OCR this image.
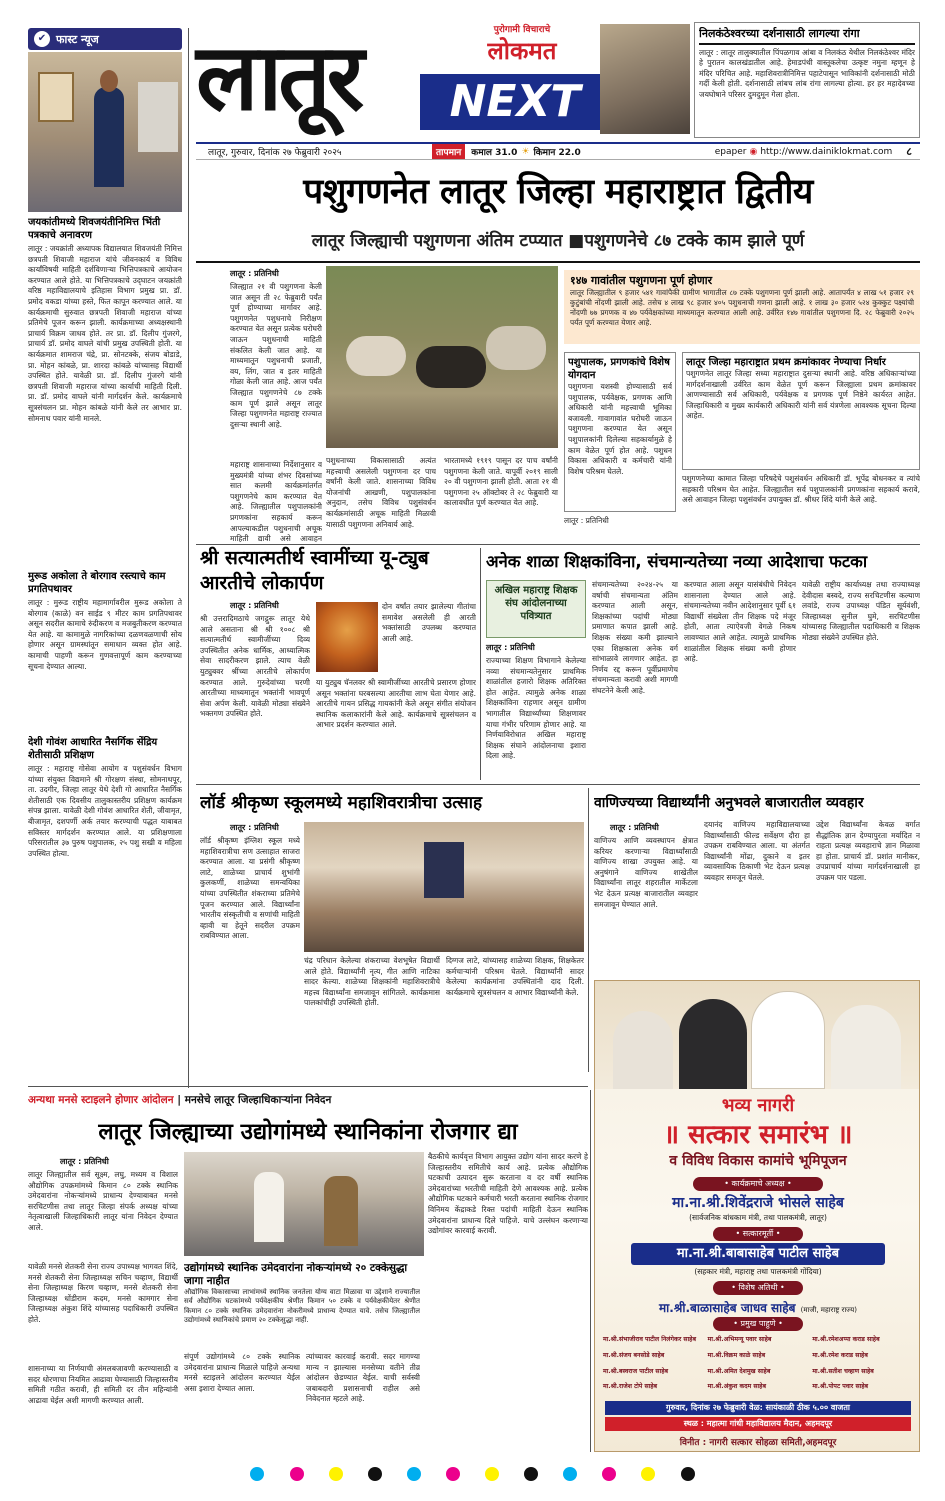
✔ फास्ट न्यूज
जयकांतीमध्ये शिवजयंतीनिमित्त भिंती पत्रकाचे अनावरण
लातूर : जयक्रांती अध्यापक विद्यालयात शिवजयंती निमित्त छत्रपती शिवाजी महाराज यांचे जीवनकार्य व विविध कार्यांविषयी माहिती दर्शविणाऱ्या भित्तिपत्रकाचे आयोजन करण्यात आले होते. या भित्तिपत्रकाचे उद्‌घाटन जयक्रांती वरिष्ठ महाविद्यालयाचे इतिहास विभाग प्रमुख प्रा. डॉ. प्रमोद वकडा यांच्या हस्ते, फित कापून करण्यात आले. या कार्यक्रमाची सुरुवात छत्रपती शिवाजी महाराज यांच्या प्रतिमेचे पूजन करून झाली. कार्यक्रमाच्या अध्यक्षस्थानी प्राचार्य विक्रम जाधव होते. तर प्रा. डॉ. दिलीप गुंजरगे, प्राचार्य डॉ. प्रमोद वाघले यांची प्रमुख उपस्थिती होती. या कार्यक्रमात शामराज चंद्रे, प्रा. सोनटक्के, संजय बोडाडे, प्रा. मोहन कांबळे, प्रा. शारदा कांबळे यांच्यासह विद्यार्थी उपस्थित होते. यावेळी प्रा. डॉ. दिलीप गुंजरगे यांनी छत्रपती शिवाजी महाराज यांच्या कार्याची माहिती दिली. प्रा. डॉ. प्रमोद वाघले यांनी मार्गदर्शन केले. कार्यक्रमाचे सूत्रसंचलन प्रा. मोहन कांबळे यांनी केले तर आभार प्रा. सोमनाथ पवार यांनी मानले.
मुरूड अकोला ते बोरगाव रस्त्याचे काम प्रगतिपथावर
लातूर : मुरूड राष्ट्रीय महामार्गावरील मुरूड अकोला ते बोरगाव (काळे) वन साईड ९ मीटर काम प्रगतिपथावर असून सदरील कामाचे रुंदीकरण व मजबुतीकरण करण्यात येत आहे. या कामामुळे नागरिकांच्या दळणवळणाची सोय होणार असून ग्रामस्थांतून समाधान व्यक्त होत आहे. कामाची पाहणी करून गुणवत्तापूर्ण काम करण्याच्या सूचना देण्यात आल्या.
देशी गोवंश आधारित नैसर्गिक सेंद्रिय शेतीसाठी प्रशिक्षण
लातूर : महाराष्ट्र गोसेवा आयोग व पशुसंवर्धन विभाग यांच्या संयुक्त विद्यमाने श्री गोरक्षण संस्था, सोमनाथपूर, ता. उदगीर, जिल्हा लातूर येथे देशी गो आधारित नैसर्गिक शेतीसाठी एक दिवसीय तालुकास्तरीय प्रशिक्षण कार्यक्रम संपन्न झाला. यावेळी देशी गोवंश आधारित शेती, जीवामृत, बीजामृत, दशपर्णी अर्क तयार करण्याची पद्धत याबाबत सविस्तर मार्गदर्शन करण्यात आले. या प्रशिक्षणाला परिसरातील ३७ पुरुष पशुपालक, २५ पशु सखी व महिला उपस्थित होत्या.
लातूर	पुरोगामी विचाराचे
लोकमत
NEXT
निलकंठेश्वरच्या दर्शनासाठी लागल्या रांगा
लातूर : लातूर तालुक्यातील पिंपळगाव आंबा व निलकंठ येथील निलकंठेश्वर मंदिर हे पुरातन कालखंडातील आहे. हेमाडपंथी वास्तूकलेचा उत्कृष्ट नमुना म्हणून हे मंदिर परिचित आहे. महाशिवरात्रीनिमित्त पहाटेपासून भाविकांनी दर्शनासाठी मोठी गर्दी केली होती. दर्शनासाठी लांबच लांब रांगा लागल्या होत्या. हर हर महादेवच्या जयघोषाने परिसर दुमदुमून गेला होता.
लातूर, गुरुवार, दिनांक २७ फेब्रुवारी २०२५	तापमान	कमाल 31.0 ☀ किमान 22.0	epaper ◉ http://www.dainiklokmat.com ८
पशुगणनेत लातूर जिल्हा महाराष्ट्रात द्वितीय
लातूर जिल्ह्याची पशुगणना अंतिम टप्प्यात ■पशुगणनेचे ८७ टक्के काम झाले पूर्ण
लातूर : प्रतिनिधी
जिल्ह्यात २१ वी पशुगणना केली जात असून ती २८ फेब्रुवारी पर्यंत पूर्ण होण्याच्या मार्गावर आहे. पशुगणनेत पशुधनाचे निरीक्षण करण्यात येत असून प्रत्येक घरोघरी जाऊन पशुधनाची माहिती संकलित केली जात आहे. या माध्यमातून पशुधनाची प्रजाती, वय, लिंग, जात व इतर माहिती गोळा केली जात आहे. आज पर्यंत जिल्ह्यात पशुगणनेचे ८७ टक्के काम पूर्ण झाले असून लातूर जिल्हा पशुगणनेत महाराष्ट्र राज्यात दुसऱ्या स्थानी आहे.
महाराष्ट्र शासनाच्या निर्देशानुसार व मुख्यमंत्री यांच्या शंभर दिवसांच्या सात कलमी कार्यक्रमांतर्गत पशुगणनेचे काम करण्यात येत आहे. जिल्ह्यातील पशुपालकांनी प्रगणकांना सहकार्य करून आपल्याकडील पशुधनाची अचूक माहिती द्यावी असे आवाहन
पशुधनाच्या विकासासाठी अत्यंत महत्त्वाची असलेली पशुगणना दर पाच वर्षांनी केली जाते. शासनाच्या विविध योजनांची आखणी, पशुपालकांना अनुदान, तसेच विविध पशुसंवर्धन कार्यक्रमांसाठी अचूक माहिती मिळावी यासाठी पशुगणना अनिवार्य आहे.
भारतामध्ये १९१९ पासून दर पाच वर्षांनी पशुगणना केली जाते. यापूर्वी २०१९ साली २० वी पशुगणना झाली होती. आता २१ वी पशुगणना २५ ऑक्टोबर ते २८ फेब्रुवारी या कालावधीत पूर्ण करण्यात येत आहे.
१४७ गावांतील पशुगणना पूर्ण होणार
लातूर जिल्ह्यातील ९ हजार ५४१ गावांपैकी ग्रामीण भागातील ८७ टक्के पशुगणना पूर्ण झाली आहे. आतापर्यंत ४ लाख ५१ हजार २९ कुटुंबांची नोंदणी झाली आहे. तसेच ४ लाख ९८ हजार ४०५ पशुधनाची गणना झाली आहे. १ लाख ३० हजार ५२४ कुक्कुट पक्ष्यांची नोंदणी ७७ प्रगणक व ४७ पर्यवेक्षकांच्या माध्यमातून करण्यात आली आहे. उर्वरित १४७ गावांतील पशुगणना दि. २८ फेब्रुवारी २०२५ पर्यंत पूर्ण करण्यात येणार आहे.
पशुपालक, प्रगणकांचे विशेष योगदान
पशुगणना यशस्वी होण्यासाठी सर्व पशुपालक, पर्यवेक्षक, प्रगणक आणि अधिकारी यांनी महत्त्वाची भूमिका बजावली. गावागावांत घरोघरी जाऊन पशुगणना करण्यात येत असून पशुपालकांनी दिलेल्या सहकार्यामुळे हे काम वेळेत पूर्ण होत आहे. पशुधन विकास अधिकारी व कर्मचारी यांनी विशेष परिश्रम घेतले.
लातूर : प्रतिनिधी
लातूर जिल्हा महाराष्ट्रात प्रथम क्रमांकावर नेण्याचा निर्धार
पशुगणनेत लातूर जिल्हा सध्या महाराष्ट्रात दुसऱ्या स्थानी आहे. वरिष्ठ अधिकाऱ्यांच्या मार्गदर्शनाखाली उर्वरित काम वेळेत पूर्ण करून जिल्ह्याला प्रथम क्रमांकावर आणण्यासाठी सर्व अधिकारी, पर्यवेक्षक व प्रगणक पूर्ण निष्ठेने कार्यरत आहेत. जिल्हाधिकारी व मुख्य कार्यकारी अधिकारी यांनी सर्व यंत्रणेला आवश्यक सूचना दिल्या आहेत.
पशुगणनेच्या कामात जिल्हा परिषदेचे पशुसंवर्धन अधिकारी डॉ. भूपेंद्र बोधनकर व त्यांचे सहकारी परिश्रम घेत आहेत. जिल्ह्यातील सर्व पशुपालकांनी प्रगणकांना सहकार्य करावे, असे आवाहन जिल्हा पशुसंवर्धन उपायुक्त डॉ. श्रीधर शिंदे यांनी केले आहे.
श्री सत्यात्मतीर्थ स्वामींच्या यू-ट्युब आरतीचे लोकार्पण
लातूर : प्रतिनिधी
श्री उत्तरादिमठाचे जगद्गुरू लातूर येथे आले असताना श्री श्री १००८ श्री सत्यात्मतीर्थ स्वामीजींच्या दिव्य उपस्थितीत अनेक धार्मिक, आध्यात्मिक सेवा सादरीकरण झाले. त्याच वेळी युट्युबवर श्रींच्या आरतीचे लोकार्पण करण्यात आले. गुरुदेवांच्या चरणी आरतीच्या माध्यमातून भक्तांनी भावपूर्ण सेवा अर्पण केली. यावेळी मोठ्या संख्येने भक्तगण उपस्थित होते.
दोन वर्षांत तयार झालेल्या गीतांचा समावेश असलेली ही आरती भक्तांसाठी उपलब्ध करण्यात आली आहे.
या युट्युब चॅनलवर श्री स्वामीजींच्या आरतीचे प्रसारण होणार असून भक्तांना घरबसल्या आरतीचा लाभ घेता येणार आहे. आरतीचे गायन प्रसिद्ध गायकांनी केले असून संगीत संयोजन स्थानिक कलाकारांनी केले आहे. कार्यक्रमाचे सूत्रसंचलन व आभार प्रदर्शन करण्यात आले.
अनेक शाळा शिक्षकांविना, संचमान्यतेच्या नव्या आदेशाचा फटका
अखिल महाराष्ट्र शिक्षक संघ आंदोलनाच्या पवित्र्यात
लातूर : प्रतिनिधी
राज्याच्या शिक्षण विभागाने केलेल्या नव्या संचमान्यतेनुसार प्राथमिक शाळांतील हजारो शिक्षक अतिरिक्त होत आहेत. त्यामुळे अनेक शाळा शिक्षकांविना राहणार असून ग्रामीण भागातील विद्यार्थ्यांच्या शिक्षणावर याचा गंभीर परिणाम होणार आहे. या निर्णयाविरोधात अखिल महाराष्ट्र शिक्षक संघाने आंदोलनाचा इशारा दिला आहे.
संचमान्यतेच्या २०२४-२५ या वर्षाची संचमान्यता अंतिम करण्यात आली असून, शिक्षकांच्या पदांची मोठ्या प्रमाणात कपात झाली आहे. शिक्षक संख्या कमी झाल्याने एका शिक्षकाला अनेक वर्ग सांभाळावे लागणार आहेत. हा निर्णय रद्द करून पूर्वीप्रमाणेच संचमान्यता करावी अशी मागणी संघटनेने केली आहे.
करण्यात आला असून यासंबंधीचे निवेदन शासनाला देण्यात आले आहे. संचमान्यतेच्या नवीन आदेशानुसार पूर्वी ६१ विद्यार्थी संख्येला तीन शिक्षक पदे मंजूर होती, आता त्याऐवजी वेगळे निकष लावण्यात आले आहेत. त्यामुळे प्राथमिक शाळांतील शिक्षक संख्या कमी होणार आहे.
यावेळी राष्ट्रीय कार्याध्यक्ष तथा राज्याध्यक्ष देवीदास बस्वदे, राज्य सरचिटणीस कल्याण लवांडे, राज्य उपाध्यक्ष पंडित सूर्यवंशी, जिल्हाध्यक्ष सुनील घुमे, सरचिटणीस यांच्यासह जिल्ह्यातील पदाधिकारी व शिक्षक मोठ्या संख्येने उपस्थित होते.
लॉर्ड श्रीकृष्ण स्कूलमध्ये महाशिवरात्रीचा उत्साह
लातूर : प्रतिनिधी
लॉर्ड श्रीकृष्ण इंग्लिश स्कूल मध्ये महाशिवरात्रीचा सण उत्साहात साजरा करण्यात आला. या प्रसंगी श्रीकृष्ण लाटे, शाळेच्या प्राचार्य शुभांगी कुलकर्णी, शाळेच्या समन्वयिका यांच्या उपस्थितीत शंकराच्या प्रतिमेचे पूजन करण्यात आले. विद्यार्थ्यांना भारतीय संस्कृतीची व सणांची माहिती व्हावी या हेतूने सदरील उपक्रम राबविण्यात आला.
चंद्र परिधान केलेल्या शंकराच्या वेशभूषेत विद्यार्थी आले होते. विद्यार्थ्यांनी नृत्य, गीत आणि नाटिका सादर केल्या. शाळेच्या शिक्षकांनी महाशिवरात्रीचे महत्त्व विद्यार्थ्यांना समजावून सांगितले. कार्यक्रमास पालकांचीही उपस्थिती होती.
दिग्गज लाटे, यांच्यासह शाळेच्या शिक्षक, शिक्षकेतर कर्मचाऱ्यांनी परिश्रम घेतले. विद्यार्थ्यांनी सादर केलेल्या कार्यक्रमांना उपस्थितांनी दाद दिली. कार्यक्रमाचे सूत्रसंचलन व आभार विद्यार्थ्यांनी केले.
वाणिज्यच्या विद्यार्थ्यांनी अनुभवले बाजारातील व्यवहार
लातूर : प्रतिनिधी
वाणिज्य आणि व्यवस्थापन क्षेत्रात करियर करणाऱ्या विद्यार्थ्यांसाठी वाणिज्य शाखा उपयुक्त आहे. या अनुषंगाने वाणिज्य शाखेतील विद्यार्थ्यांना लातूर शहरातील मार्केटला भेट देऊन प्रत्यक्ष बाजारातील व्यवहार समजावून घेण्यात आले.
दयानंद वाणिज्य महाविद्यालयाच्या विद्यार्थ्यांसाठी फील्ड सर्वेक्षण दौरा हा उपक्रम राबविण्यात आला. या अंतर्गत विद्यार्थ्यांनी मोंढा, दुकाने व इतर व्यावसायिक ठिकाणी भेट देऊन प्रत्यक्ष व्यवहार समजून घेतले.
उद्देश विद्यार्थ्यांना केवळ वर्गात सैद्धांतिक ज्ञान देण्यापुरता मर्यादित न राहता प्रत्यक्ष व्यवहाराचे ज्ञान मिळावा हा होता. प्राचार्य डॉ. प्रशांत मानीकर, उपप्राचार्य यांच्या मार्गदर्शनाखाली हा उपक्रम पार पडला.
भव्य नागरी
॥ सत्कार समारंभ ॥
व विविध विकास कामांचे भूमिपूजन
• कार्यक्रमाचे अध्यक्ष •
मा.ना.श्री.शिवेंद्रराजे भोसले साहेब
(सार्वजनिक बांधकाम मंत्री, तथा पालकमंत्री, लातूर)
• सत्कारमूर्ती •
मा.ना.श्री.बाबासाहेब पाटील साहेब
(सहकार मंत्री, महाराष्ट्र तथा पालकमंत्री गोंदिया)
• विशेष अतिथी •
मा.श्री.बाळासाहेब जाधव साहेब (माजी, महाराष्ट्र राज्य)
• प्रमुख पाहुणे •
मा.श्री.संभाजीराव पाटील निलंगेकर साहेब	मा.श्री.अभिमन्यू पवार साहेब	मा.श्री.रमेशअप्पा कराड साहेब
मा.श्री.संजय बनसोडे साहेब	मा.श्री.विक्रम काळे साहेब	मा.श्री.रमेश कराड साहेब
मा.श्री.बस्वराज पाटील साहेब	मा.श्री.अमित देशमुख साहेब	मा.श्री.सतीश चव्हाण साहेब
मा.श्री.राजेश टोपे साहेब	मा.श्री.अंकुश कदम साहेब	मा.श्री.पोपट पवार साहेब
गुरुवार, दिनांक २७ फेब्रुवारी वेळ: सायंकाळी ठीक ५.०० वाजता
स्थळ : महात्मा गांधी महाविद्यालय मैदान, अहमदपूर
विनीत : नागरी सत्कार सोहळा समिती,अहमदपूर
अन्यथा मनसे स्टाइलने होणार आंदोलन | मनसेचे लातूर जिल्हाधिकाऱ्यांना निवेदन
लातूर जिल्ह्याच्या उद्योगांमध्ये स्थानिकांना रोजगार द्या
लातूर : प्रतिनिधी
लातूर जिल्ह्यातील सर्व सूक्ष्म, लघु, मध्यम व विशाल औद्योगिक उपक्रमांमध्ये किमान ८० टक्के स्थानिक उमेदवारांना नोकऱ्यांमध्ये प्राधान्य देण्याबाबत मनसे सरचिटणीस तथा लातूर जिल्हा संपर्क अध्यक्ष यांच्या नेतृत्वाखाली जिल्हाधिकारी लातूर यांना निवेदन देण्यात आले.
यावेळी मनसे शेतकरी सेना राज्य उपाध्यक्ष भागवत शिंदे, मनसे शेतकरी सेना जिल्हाध्यक्ष सचिन चव्हाण, विद्यार्थी सेना जिल्हाध्यक्ष किरण चव्हाण, मनसे शेतकरी सेना जिल्हाध्यक्ष धोंडीराम कदम, मनसे कामगार सेना जिल्हाध्यक्ष अंकुश शिंदे यांच्यासह पदाधिकारी उपस्थित होते.
शासनाच्या या निर्णयाची अंमलबजावणी करण्यासाठी व सदर धोरणाचा नियमित आढावा घेण्यासाठी जिल्हास्तरीय समिती गठीत करावी, ही समिती दर तीन महिन्यांनी आढावा घेईल अशी मागणी करण्यात आली.
उद्योगांमध्ये स्थानिक उमेदवारांना नोकऱ्यांमध्ये २० टक्केसुद्धा जागा नाहीत
औद्योगिक विकासाच्या लाभांमध्ये स्थानिक जनतेला योग्य वाटा मिळावा या उद्देशाने राज्यातील सर्व औद्योगिक घटकांमध्ये पर्यवेक्षकीय श्रेणीत किमान ५० टक्के व पर्यवेक्षकीयेतर श्रेणीत किमान ८० टक्के स्थानिक उमेदवारांना नोकरीमध्ये प्राधान्य देण्यात यावे. तसेच जिल्ह्यातील उद्योगांमध्ये स्थानिकांचे प्रमाण २० टक्केसुद्धा नाही.
संपूर्ण उद्योगांमध्ये ८० टक्के स्थानिक उमेदवारांना प्राधान्य मिळाले पाहिजे अन्यथा मनसे स्टाइलने आंदोलन करण्यात येईल असा इशारा देण्यात आला.
त्यांच्यावर कारवाई करावी. सदर मागण्या मान्य न झाल्यास मनसेच्या वतीने तीव्र आंदोलन छेडण्यात येईल. याची सर्वस्वी जबाबदारी प्रशासनाची राहील असे निवेदनात म्हटले आहे.
बैठकीचे कार्यवृत्त विभाग आयुक्त उद्योग यांना सादर करणे हे जिल्हास्तरीय समितीचे कार्य आहे. प्रत्येक औद्योगिक घटकाची उत्पादन सुरू करताना व दर वर्षी स्थानिक उमेदवारांच्या भरतीची माहिती देणे आवश्यक आहे. प्रत्येक औद्योगिक घटकाने कर्मचारी भरती करताना स्थानिक रोजगार विनिमय केंद्राकडे रिक्त पदांची माहिती देऊन स्थानिक उमेदवारांना प्राधान्य दिले पाहिजे. याचे उल्लंघन करणाऱ्या उद्योगांवर कारवाई करावी.
